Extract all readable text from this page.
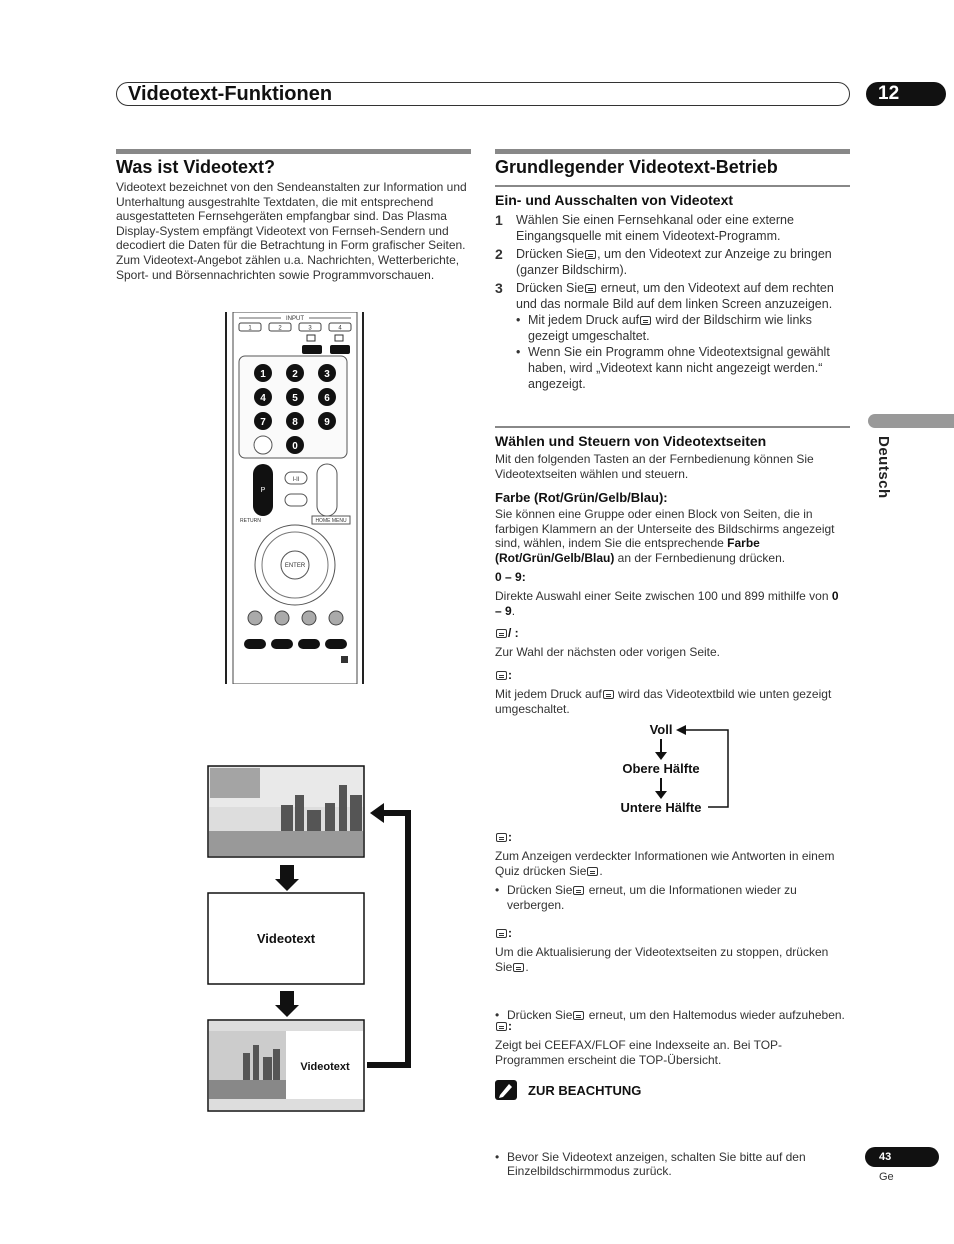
Videotext-Funktionen	12
Deutsch
Was ist Videotext?
Videotext bezeichnet von den Sendeanstalten zur Information und Unterhaltung ausgestrahlte Textdaten, die mit entsprechend ausgestatteten Fernsehgeräten empfangbar sind. Das Plasma Display-System empfängt Videotext von Fernseh-Sendern und decodiert die Daten für die Betrachtung in Form grafischer Seiten. Zum Videotext-Angebot zählen u.a. Nachrichten, Wetterberichte, Sport- und Börsennachrichten sowie Programmvorschauen.
INPUT
1	2	3	4
1	2	3
4	5	6
7	8	9
0
P
I-II
RETURN	HOME MENU
ENTER
Videotext
Videotext
Grundlegender Videotext-Betrieb
Ein- und Ausschalten von Videotext
1 Wählen Sie einen Fernsehkanal oder eine externe Eingangsquelle mit einem Videotext-Programm.
2 Drücken Sie , um den Videotext zur Anzeige zu bringen (ganzer Bildschirm).
3 Drücken Sie erneut, um den Videotext auf dem rechten und das normale Bild auf dem linken Screen anzuzeigen.
• Mit jedem Druck auf wird der Bildschirm wie links gezeigt umgeschaltet.
• Wenn Sie ein Programm ohne Videotextsignal gewählt haben, wird „Videotext kann nicht angezeigt werden.“ angezeigt.
Wählen und Steuern von Videotextseiten
Mit den folgenden Tasten an der Fernbedienung können Sie Videotextseiten wählen und steuern.
Farbe (Rot/Grün/Gelb/Blau):
Sie können eine Gruppe oder einen Block von Seiten, die in farbigen Klammern an der Unterseite des Bildschirms angezeigt sind, wählen, indem Sie die entsprechende Farbe (Rot/Grün/Gelb/Blau) an der Fernbedienung drücken.
0 – 9:
Direkte Auswahl einer Seite zwischen 100 und 899 mithilfe von 0 – 9.
/ :
Zur Wahl der nächsten oder vorigen Seite.
:
Mit jedem Druck auf wird das Videotextbild wie unten gezeigt umgeschaltet.
Voll
Obere Hälfte
Untere Hälfte
:
Zum Anzeigen verdeckter Informationen wie Antworten in einem Quiz drücken Sie .
• Drücken Sie erneut, um die Informationen wieder zu verbergen.
:
Um die Aktualisierung der Videotextseiten zu stoppen, drücken Sie .
• Drücken Sie erneut, um den Haltemodus wieder aufzuheben.
:
Zeigt bei CEEFAX/FLOF eine Indexseite an. Bei TOP-Programmen erscheint die TOP-Übersicht.
ZUR BEACHTUNG
• Bevor Sie Videotext anzeigen, schalten Sie bitte auf den Einzelbildschirmmodus zurück.
43
Ge
